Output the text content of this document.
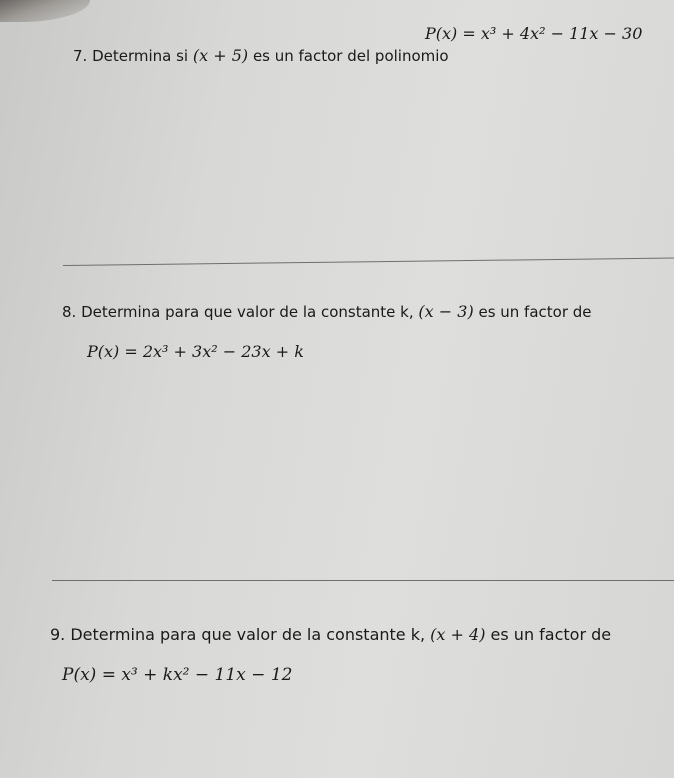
7. Determina si (x + 5) es un factor del polinomio
P(x) = x³ + 4x² − 11x − 30
8. Determina para que valor de la constante k, (x − 3) es un factor de
P(x) = 2x³ + 3x² − 23x + k
9. Determina para que valor de la constante k, (x + 4) es un factor de
P(x) = x³ + kx² − 11x − 12
